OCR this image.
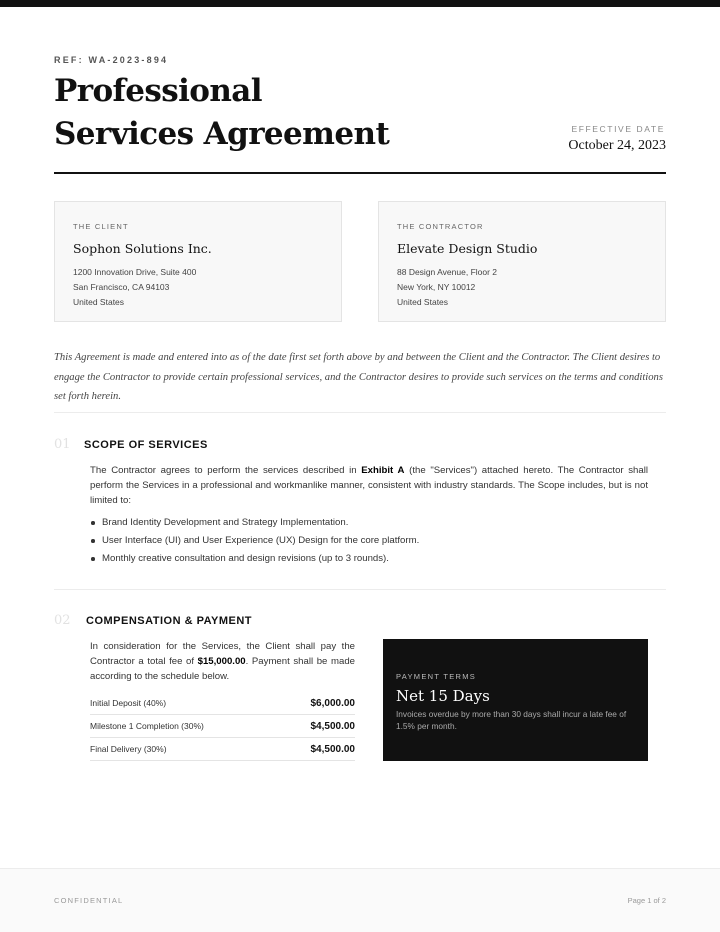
REF: WA-2023-894
Professional
Services Agreement	EFFECTIVE DATE
October 24, 2023
THE CLIENT
Sophon Solutions Inc.
1200 Innovation Drive, Suite 400
San Francisco, CA 94103
United States
THE CONTRACTOR
Elevate Design Studio
88 Design Avenue, Floor 2
New York, NY 10012
United States
This Agreement is made and entered into as of the date first set forth above by and between the Client and the Contractor. The Client desires to engage the Contractor to provide certain professional services, and the Contractor desires to provide such services on the terms and conditions set forth herein.
01 SCOPE OF SERVICES
The Contractor agrees to perform the services described in Exhibit A (the "Services") attached hereto. The Contractor shall perform the Services in a professional and workmanlike manner, consistent with industry standards. The Scope includes, but is not limited to:
Brand Identity Development and Strategy Implementation.
User Interface (UI) and User Experience (UX) Design for the core platform.
Monthly creative consultation and design revisions (up to 3 rounds).
02 COMPENSATION & PAYMENT
In consideration for the Services, the Client shall pay the Contractor a total fee of $15,000.00. Payment shall be made according to the schedule below.
Initial Deposit (40%)	$6,000.00
Milestone 1 Completion (30%)	$4,500.00
Final Delivery (30%)	$4,500.00
PAYMENT TERMS
Net 15 Days
Invoices overdue by more than 30 days shall incur a late fee of 1.5% per month.
CONFIDENTIAL	Page 1 of 2
